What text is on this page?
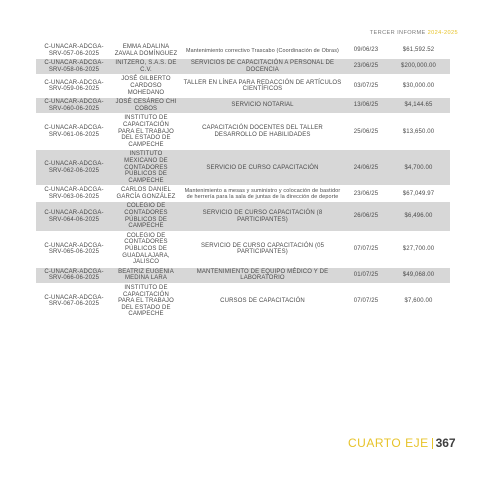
TERCER INFORME 2024-2025
C-UNACAR-ADCGA-SRV-057-06-2025	EMMA ADALINA ZAVALA DOMÍNGUEZ	Mantenimiento correctivo Trascabo (Coordinación de Obras)	09/06/23	$61,592.52
C-UNACAR-ADCGA-SRV-058-06-2025	INITZERO, S.A.S. DE C.V.	SERVICIOS DE CAPACITACIÓN A PERSONAL DE DOCENCIA	23/06/25	$200,000.00
C-UNACAR-ADCGA-SRV-059-06-2025	JOSÉ GILBERTO CARDOSO MOHEDANO	TALLER EN LÍNEA PARA REDACCIÓN DE ARTÍCULOS CIENTÍFICOS	03/07/25	$30,000.00
C-UNACAR-ADCGA-SRV-060-06-2025	JOSÉ CESÁREO CHI COBOS	SERVICIO NOTARIAL	13/06/25	$4,144.65
C-UNACAR-ADCGA-SRV-061-06-2025	INSTITUTO DE CAPACITACIÓN PARA EL TRABAJO DEL ESTADO DE CAMPECHE	CAPACITACIÓN DOCENTES DEL TALLER DESARROLLO DE HABILIDADES	25/06/25	$13,650.00
C-UNACAR-ADCGA-SRV-062-06-2025	INSTITUTO MEXICANO DE CONTADORES PÚBLICOS DE CAMPECHE	SERVICIO DE CURSO CAPACITACIÓN	24/06/25	$4,700.00
C-UNACAR-ADCGA-SRV-063-06-2025	CARLOS DANIEL GARCÍA GONZÁLEZ	Mantenimiento a mesas y suministro y colocación de bastidor de herrería para la sala de juntas de la dirección de deporte	23/06/25	$67,049.97
C-UNACAR-ADCGA-SRV-064-06-2025	COLEGIO DE CONTADORES PÚBLICOS DE CAMPECHE	SERVICIO DE CURSO CAPACITACIÓN (8 PARTICIPANTES)	26/06/25	$6,496.00
C-UNACAR-ADCGA-SRV-065-06-2025	COLEGIO DE CONTADORES PÚBLICOS DE GUADALAJARA, JALISCO	SERVICIO DE CURSO CAPACITACIÓN (05 PARTICIPANTES)	07/07/25	$27,700.00
C-UNACAR-ADCGA-SRV-066-06-2025	BEATRIZ EUGENIA MEDINA LARA	MANTENIMIENTO DE EQUIPO MÉDICO Y DE LABORATORIO	01/07/25	$49,068.00
C-UNACAR-ADCGA-SRV-067-06-2025	INSTITUTO DE CAPACITACIÓN PARA EL TRABAJO DEL ESTADO DE CAMPECHE	CURSOS DE CAPACITACIÓN	07/07/25	$7,600.00
CUARTO EJE 367
